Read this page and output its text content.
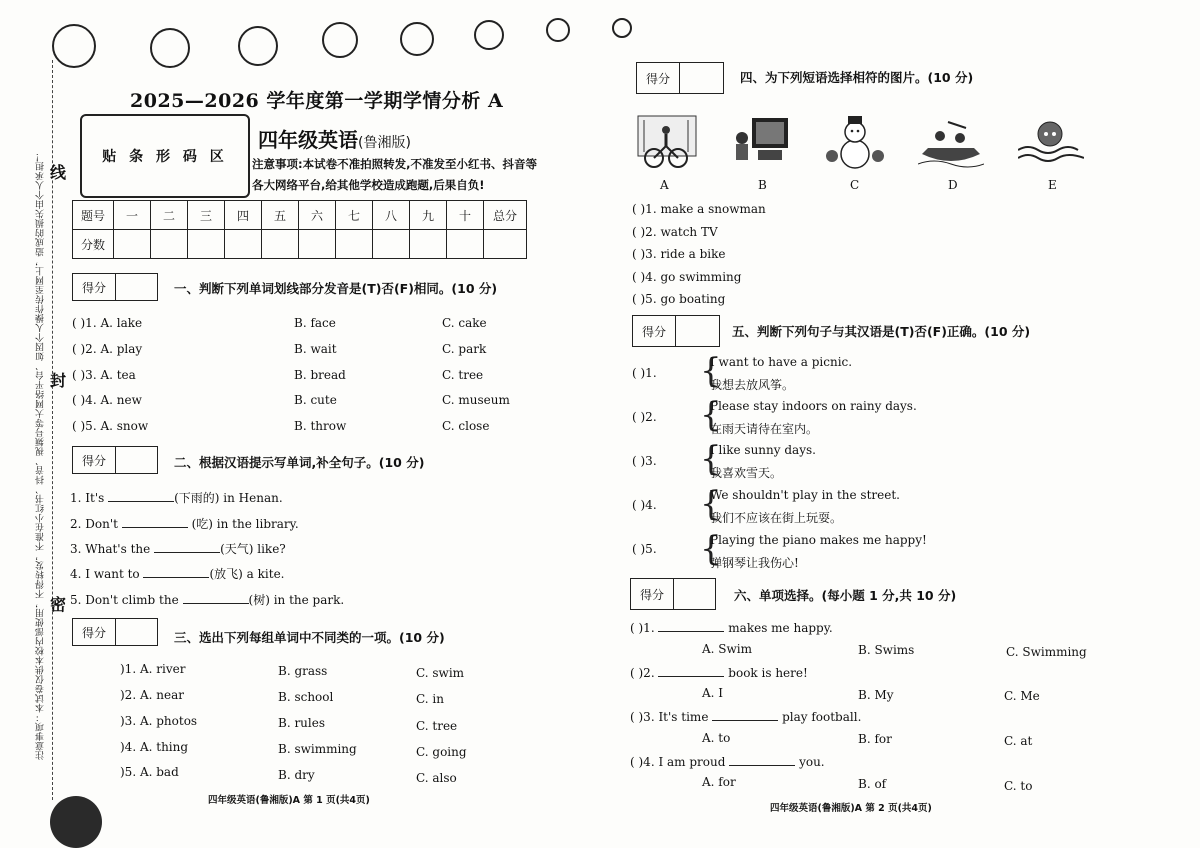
注意事项：本试卷仅供本校内部使用，不得转发，不准在小红书、抖音、视频号等大网络平台、如因个人操作传至网上，造成的损失由个人承担！ 线
封
密
2025—2026 学年度第一学期学情分析 A
贴 条 形 码 区
四年级英语(鲁湘版)
注意事项:本试卷不准拍照转发,不准发至小红书、抖音等各大网络平台,给其他学校造成跑题,后果自负!
题号	一	二	三	四	五	六	七	八	九	十	总分
分数											
得分	一、判断下列单词划线部分发音是(T)否(F)相同。(10 分)
( )1. A. lake	B. face	C. cake
( )2. A. play	B. wait	C. park
( )3. A. tea	B. bread	C. tree
( )4. A. new	B. cute	C. museum
( )5. A. snow	B. throw	C. close
得分	二、根据汉语提示写单词,补全句子。(10 分)
1. It's	(下雨的) in Henan.
2. Don't	(吃) in the library.
3. What's the	(天气) like?
4. I want to	(放飞) a kite.
5. Don't climb the	(树) in the park.
得分	三、选出下列每组单词中不同类的一项。(10 分)
)1. A. river	B. grass	C. swim
)2. A. near	B. school	C. in
)3. A. photos	B. rules	C. tree
)4. A. thing	B. swimming	C. going
)5. A. bad	B. dry	C. also
四年级英语(鲁湘版)A 第 1 页(共4页)
得分	四、为下列短语选择相符的图片。(10 分)
A	B	C	D	E
( )1. make a snowman
( )2. watch TV
( )3. ride a bike
( )4. go swimming
( )5. go boating
得分	五、判断下列句子与其汉语是(T)否(F)正确。(10 分)
( )1. {
I want to have a picnic.
我想去放风筝。
( )2. {
Please stay indoors on rainy days.
在雨天请待在室内。
( )3. {
I like sunny days.
我喜欢雪天。
( )4. {
We shouldn't play in the street.
我们不应该在街上玩耍。
( )5. {
Playing the piano makes me happy!
弹钢琴让我伤心!
得分	六、单项选择。(每小题 1 分,共 10 分)
( )1.	makes me happy.
A. Swim	B. Swims	C. Swimming
( )2.	book is here!
A. I	B. My	C. Me
( )3. It's time	play football.
A. to	B. for	C. at
( )4. I am proud	you.
A. for	B. of	C. to
四年级英语(鲁湘版)A 第 2 页(共4页)
